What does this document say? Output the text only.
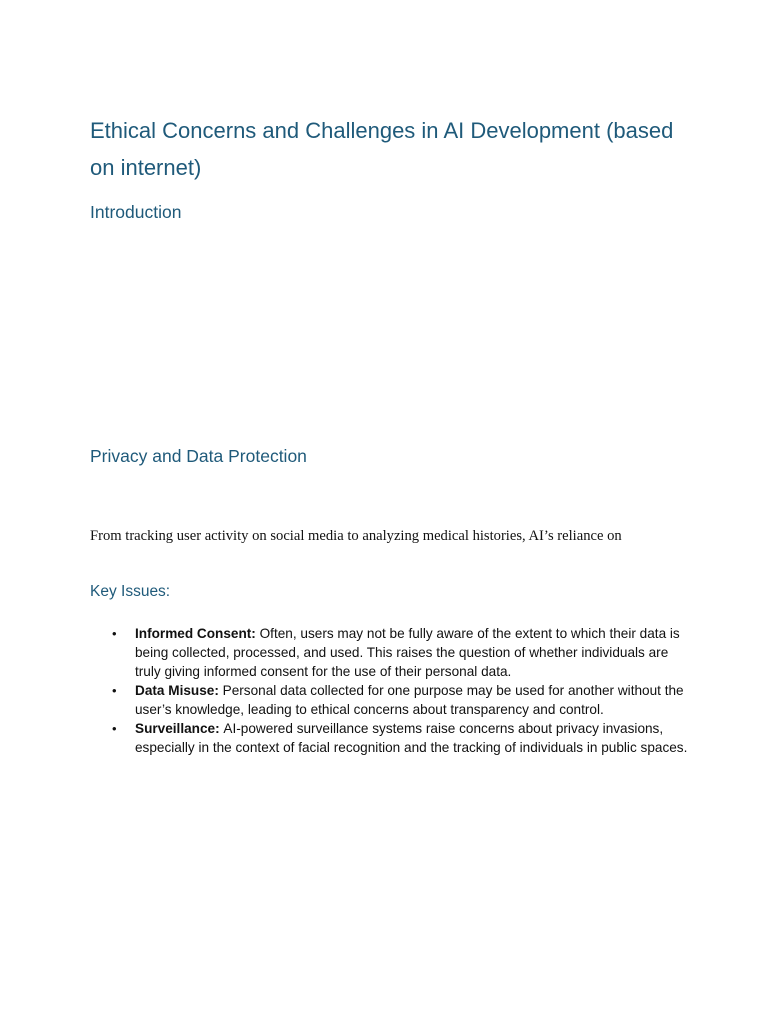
Ethical Concerns and Challenges in AI Development (based on internet)
Introduction
Privacy and Data Protection

From tracking user activity on social media to analyzing medical histories, AI’s reliance on

Key Issues:
• Informed Consent: Often, users may not be fully aware of the extent to which their data is being collected, processed, and used. This raises the question of whether individuals are truly giving informed consent for the use of their personal data.
• Data Misuse: Personal data collected for one purpose may be used for another without the user’s knowledge, leading to ethical concerns about transparency and control.
• Surveillance: AI-powered surveillance systems raise concerns about privacy invasions, especially in the context of facial recognition and the tracking of individuals in public spaces.
